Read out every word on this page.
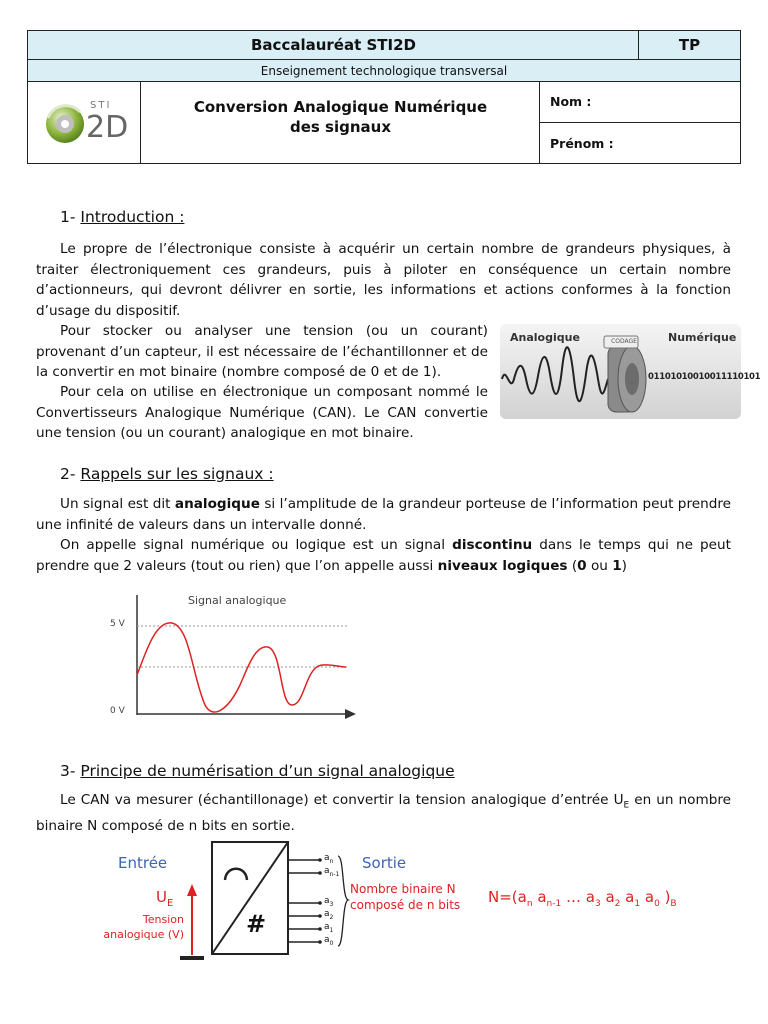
Baccalauréat STI2D	TP
Enseignement technologique transversal
STI
2D
Conversion Analogique Numérique
des signaux
Nom :
Prénom :
1- Introduction :
Le propre de l’électronique consiste à acquérir un certain nombre de grandeurs physiques, à traiter électroniquement ces grandeurs, puis à piloter en conséquence un certain nombre d’actionneurs, qui devront délivrer en sortie, les informations et actions conformes à la fonction d’usage du dispositif.
Pour stocker ou analyser une tension (ou un courant) provenant d’un capteur, il est nécessaire de l’échantillonner et de la convertir en mot binaire (nombre composé de 0 et de 1).
Pour cela on utilise en électronique un composant nommé le Convertisseurs Analogique Numérique (CAN). Le CAN convertie une tension (ou un courant) analogique en mot binaire.
Analogique	Numérique
CODAGE
01101010010011110101
2- Rappels sur les signaux :
Un signal est dit analogique si l’amplitude de la grandeur porteuse de l’information peut prendre une infinité de valeurs dans un intervalle donné.
On appelle signal numérique ou logique est un signal discontinu dans le temps qui ne peut prendre que 2 valeurs (tout ou rien) que l’on appelle aussi niveaux logiques (0 ou 1)
Signal analogique
5 V
0 V
3- Principe de numérisation d’un signal analogique
Le CAN va mesurer (échantillonage) et convertir la tension analogique d’entrée $U_E$ en un nombre binaire N composé de n bits en sortie.
Entrée	Sortie
#
$U_E$
Tension
analogique (V)
$a_n$
$a_{n-1}$
$a_3$
$a_2$
$a_1$
$a_0$
Nombre binaire N
composé de n bits $N=(a_n$ $a_{n-1}$ … $a_3$ $a_2$ $a_1$ $a_0$ )$_B$
